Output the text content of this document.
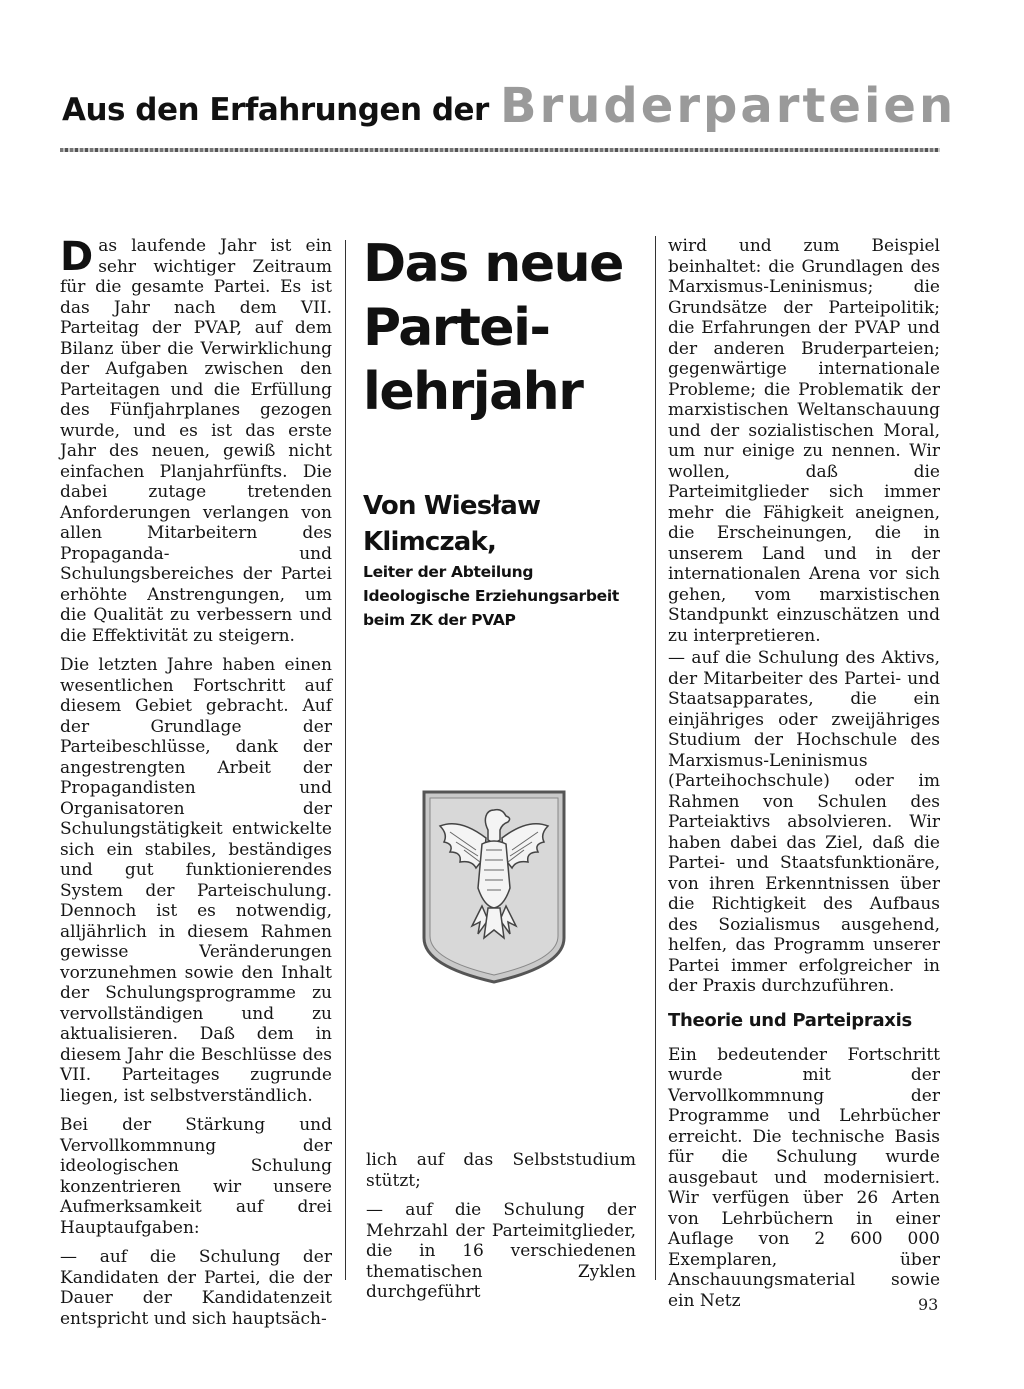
Aus den Erfahrungen der Bruderparteien

Das laufende Jahr ist ein sehr wichtiger Zeitraum für die gesamte Partei. Es ist das Jahr nach dem VII. Parteitag der PVAP, auf dem Bilanz über die Verwirklichung der Aufgaben zwischen den Parteitagen und die Erfüllung des Fünfjahrplanes gezogen wurde, und es ist das erste Jahr des neuen, gewiß nicht einfachen Planjahrfünfts. Die dabei zutage tretenden Anforderungen verlangen von allen Mitarbeitern des Propaganda- und Schulungsbereiches der Partei erhöhte Anstrengungen, um die Qualität zu verbessern und die Effektivität zu steigern.

Die letzten Jahre haben einen wesentlichen Fortschritt auf diesem Gebiet gebracht. Auf der Grundlage der Parteibeschlüsse, dank der angestrengten Arbeit der Propagandisten und Organisatoren der Schulungstätigkeit entwickelte sich ein stabiles, beständiges und gut funktionierendes System der Parteischulung. Dennoch ist es notwendig, alljährlich in diesem Rahmen gewisse Veränderungen vorzunehmen sowie den Inhalt der Schulungsprogramme zu vervollständigen und zu aktualisieren. Daß dem in diesem Jahr die Beschlüsse des VII. Parteitages zugrunde liegen, ist selbstverständlich.

Bei der Stärkung und Vervollkommnung der ideologischen Schulung konzentrieren wir unsere Aufmerksamkeit auf drei Hauptaufgaben:

— auf die Schulung der Kandidaten der Partei, die der Dauer der Kandidatenzeit entspricht und sich hauptsäch-

Das neue
Partei-
lehrjahr
Von Wiesław Klimczak,
Leiter der Abteilung
Ideologische Erziehungsarbeit
beim ZK der PVAP

lich auf das Selbststudium stützt;

— auf die Schulung der Mehrzahl der Parteimitglieder, die in 16 verschiedenen thematischen Zyklen durchgeführt

wird und zum Beispiel beinhaltet: die Grundlagen des Marxismus-Leninismus; die Grundsätze der Parteipolitik; die Erfahrungen der PVAP und der anderen Bruderparteien; gegenwärtige internationale Probleme; die Problematik der marxistischen Weltanschauung und der sozialistischen Moral, um nur einige zu nennen. Wir wollen, daß die Parteimitglieder sich immer mehr die Fähigkeit aneignen, die Erscheinungen, die in unserem Land und in der internationalen Arena vor sich gehen, vom marxistischen Standpunkt einzuschätzen und zu interpretieren.

— auf die Schulung des Aktivs, der Mitarbeiter des Partei- und Staatsapparates, die ein einjähriges oder zweijähriges Studium der Hochschule des Marxismus-Leninismus (Parteihochschule) oder im Rahmen von Schulen des Parteiaktivs absolvieren. Wir haben dabei das Ziel, daß die Partei- und Staatsfunktionäre, von ihren Erkenntnissen über die Richtigkeit des Aufbaus des Sozialismus ausgehend, helfen, das Programm unserer Partei immer erfolgreicher in der Praxis durchzuführen.

Theorie und Parteipraxis

Ein bedeutender Fortschritt wurde mit der Vervollkommnung der Programme und Lehrbücher erreicht. Die technische Basis für die Schulung wurde ausgebaut und modernisiert. Wir verfügen über 26 Arten von Lehrbüchern in einer Auflage von 2 600 000 Exemplaren, über Anschauungsmaterial sowie ein Netz	93
